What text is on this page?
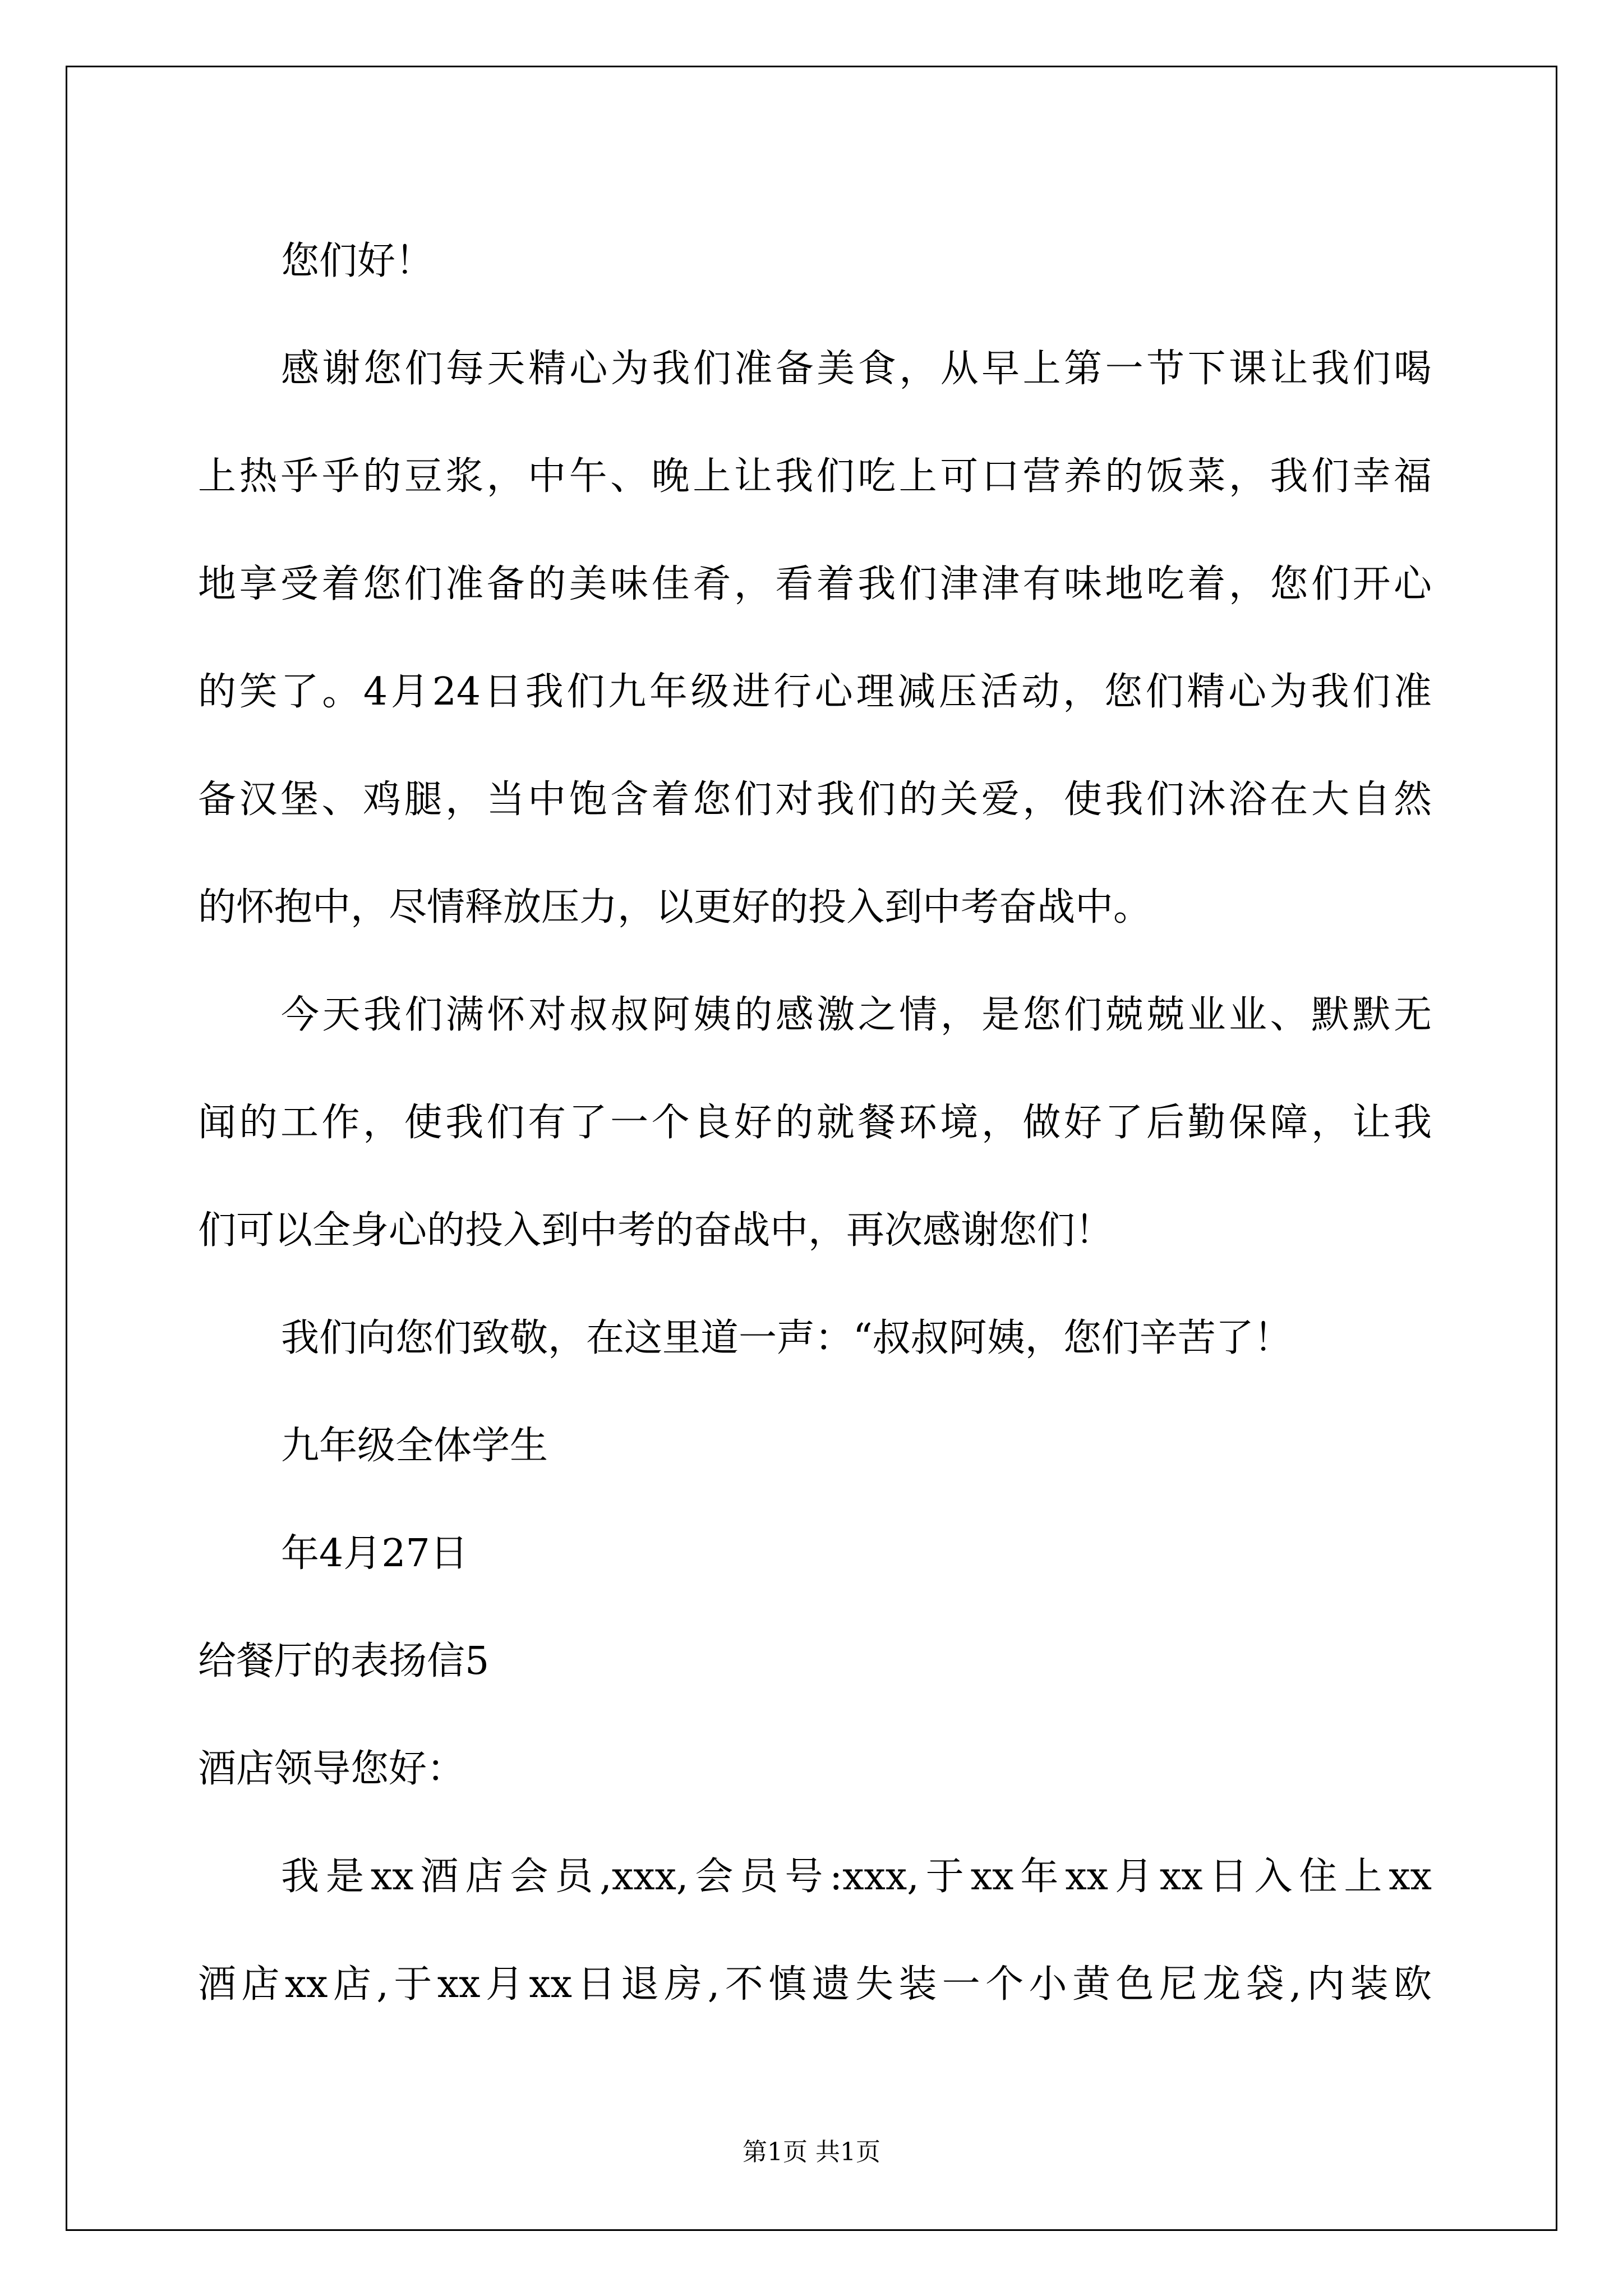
您们好！
感谢您们每天精心为我们准备美食，从早上第一节下课让我们喝
上热乎乎的豆浆，中午、晚上让我们吃上可口营养的饭菜，我们幸福
地享受着您们准备的美味佳肴，看着我们津津有味地吃着，您们开心
的笑了。4月24日我们九年级进行心理减压活动，您们精心为我们准
备汉堡、鸡腿，当中饱含着您们对我们的关爱，使我们沐浴在大自然
的怀抱中，尽情释放压力，以更好的投入到中考奋战中。
今天我们满怀对叔叔阿姨的感激之情，是您们兢兢业业、默默无
闻的工作，使我们有了一个良好的就餐环境，做好了后勤保障，让我
们可以全身心的投入到中考的奋战中，再次感谢您们！
我们向您们致敬，在这里道一声：“叔叔阿姨，您们辛苦了！
九年级全体学生
年4月27日
给餐厅的表扬信5
酒店领导您好：
我是xx酒店会员,xxx,会员号:xxx,于xx年xx月xx日入住上xx
酒店xx店,于xx月xx日退房,不慎遗失装一个小黄色尼龙袋,内装欧
第1页 共1页
